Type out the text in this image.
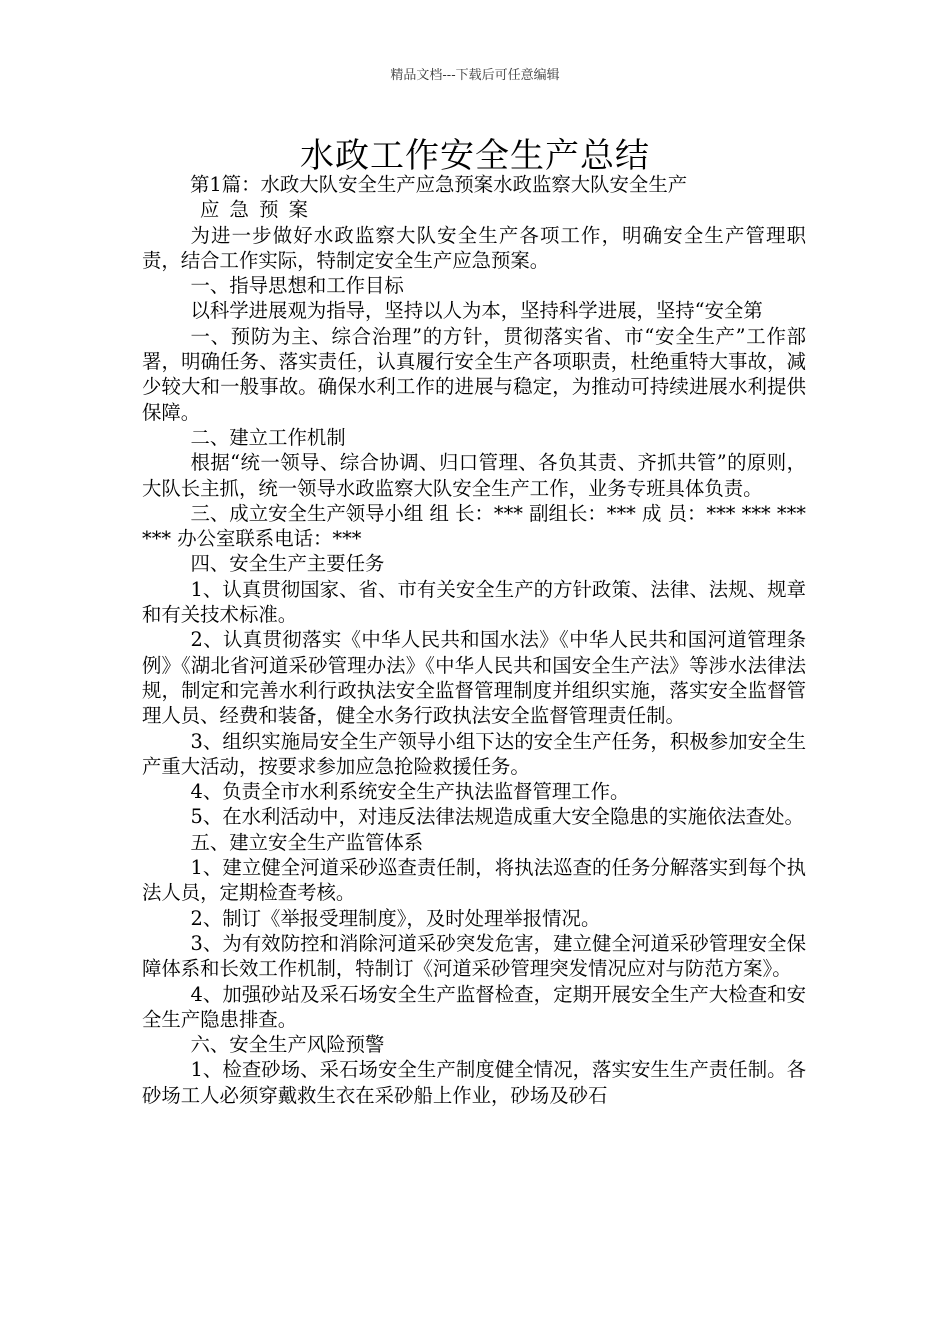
精品文档---下载后可任意编辑
水政工作安全生产总结

第1篇：水政大队安全生产应急预案水政监察大队安全生产

应 急 预 案

为进一步做好水政监察大队安全生产各项工作，明确安全生产管理职责，结合工作实际，特制定安全生产应急预案。

一、指导思想和工作目标

以科学进展观为指导，坚持以人为本，坚持科学进展，坚持“安全第

一、预防为主、综合治理”的方针，贯彻落实省、市“安全生产”工作部署，明确任务、落实责任，认真履行安全生产各项职责，杜绝重特大事故，减少较大和一般事故。确保水利工作的进展与稳定，为推动可持续进展水利提供保障。

二、建立工作机制

根据“统一领导、综合协调、归口管理、各负其责、齐抓共管”的原则，大队长主抓，统一领导水政监察大队安全生产工作，业务专班具体负责。

三、成立安全生产领导小组 组 长：*** 副组长：*** 成 员：*** *** *** *** 办公室联系电话：***

四、安全生产主要任务

1、认真贯彻国家、省、市有关安全生产的方针政策、法律、法规、规章和有关技术标准。

2、认真贯彻落实《中华人民共和国水法》《中华人民共和国河道管理条例》《湖北省河道采砂管理办法》《中华人民共和国安全生产法》等涉水法律法规，制定和完善水利行政执法安全监督管理制度并组织实施，落实安全监督管理人员、经费和装备，健全水务行政执法安全监督管理责任制。

3、组织实施局安全生产领导小组下达的安全生产任务，积极参加安全生产重大活动，按要求参加应急抢险救援任务。

4、负责全市水利系统安全生产执法监督管理工作。

5、在水利活动中，对违反法律法规造成重大安全隐患的实施依法查处。

五、建立安全生产监管体系

1、建立健全河道采砂巡查责任制，将执法巡查的任务分解落实到每个执法人员，定期检查考核。

2、制订《举报受理制度》，及时处理举报情况。

3、为有效防控和消除河道采砂突发危害，建立健全河道采砂管理安全保障体系和长效工作机制，特制订《河道采砂管理突发情况应对与防范方案》。

4、加强砂站及采石场安全生产监督检查，定期开展安全生产大检查和安全生产隐患排查。

六、安全生产风险预警

1、检查砂场、采石场安全生产制度健全情况，落实安生生产责任制。各砂场工人必须穿戴救生衣在采砂船上作业，砂场及砂石
